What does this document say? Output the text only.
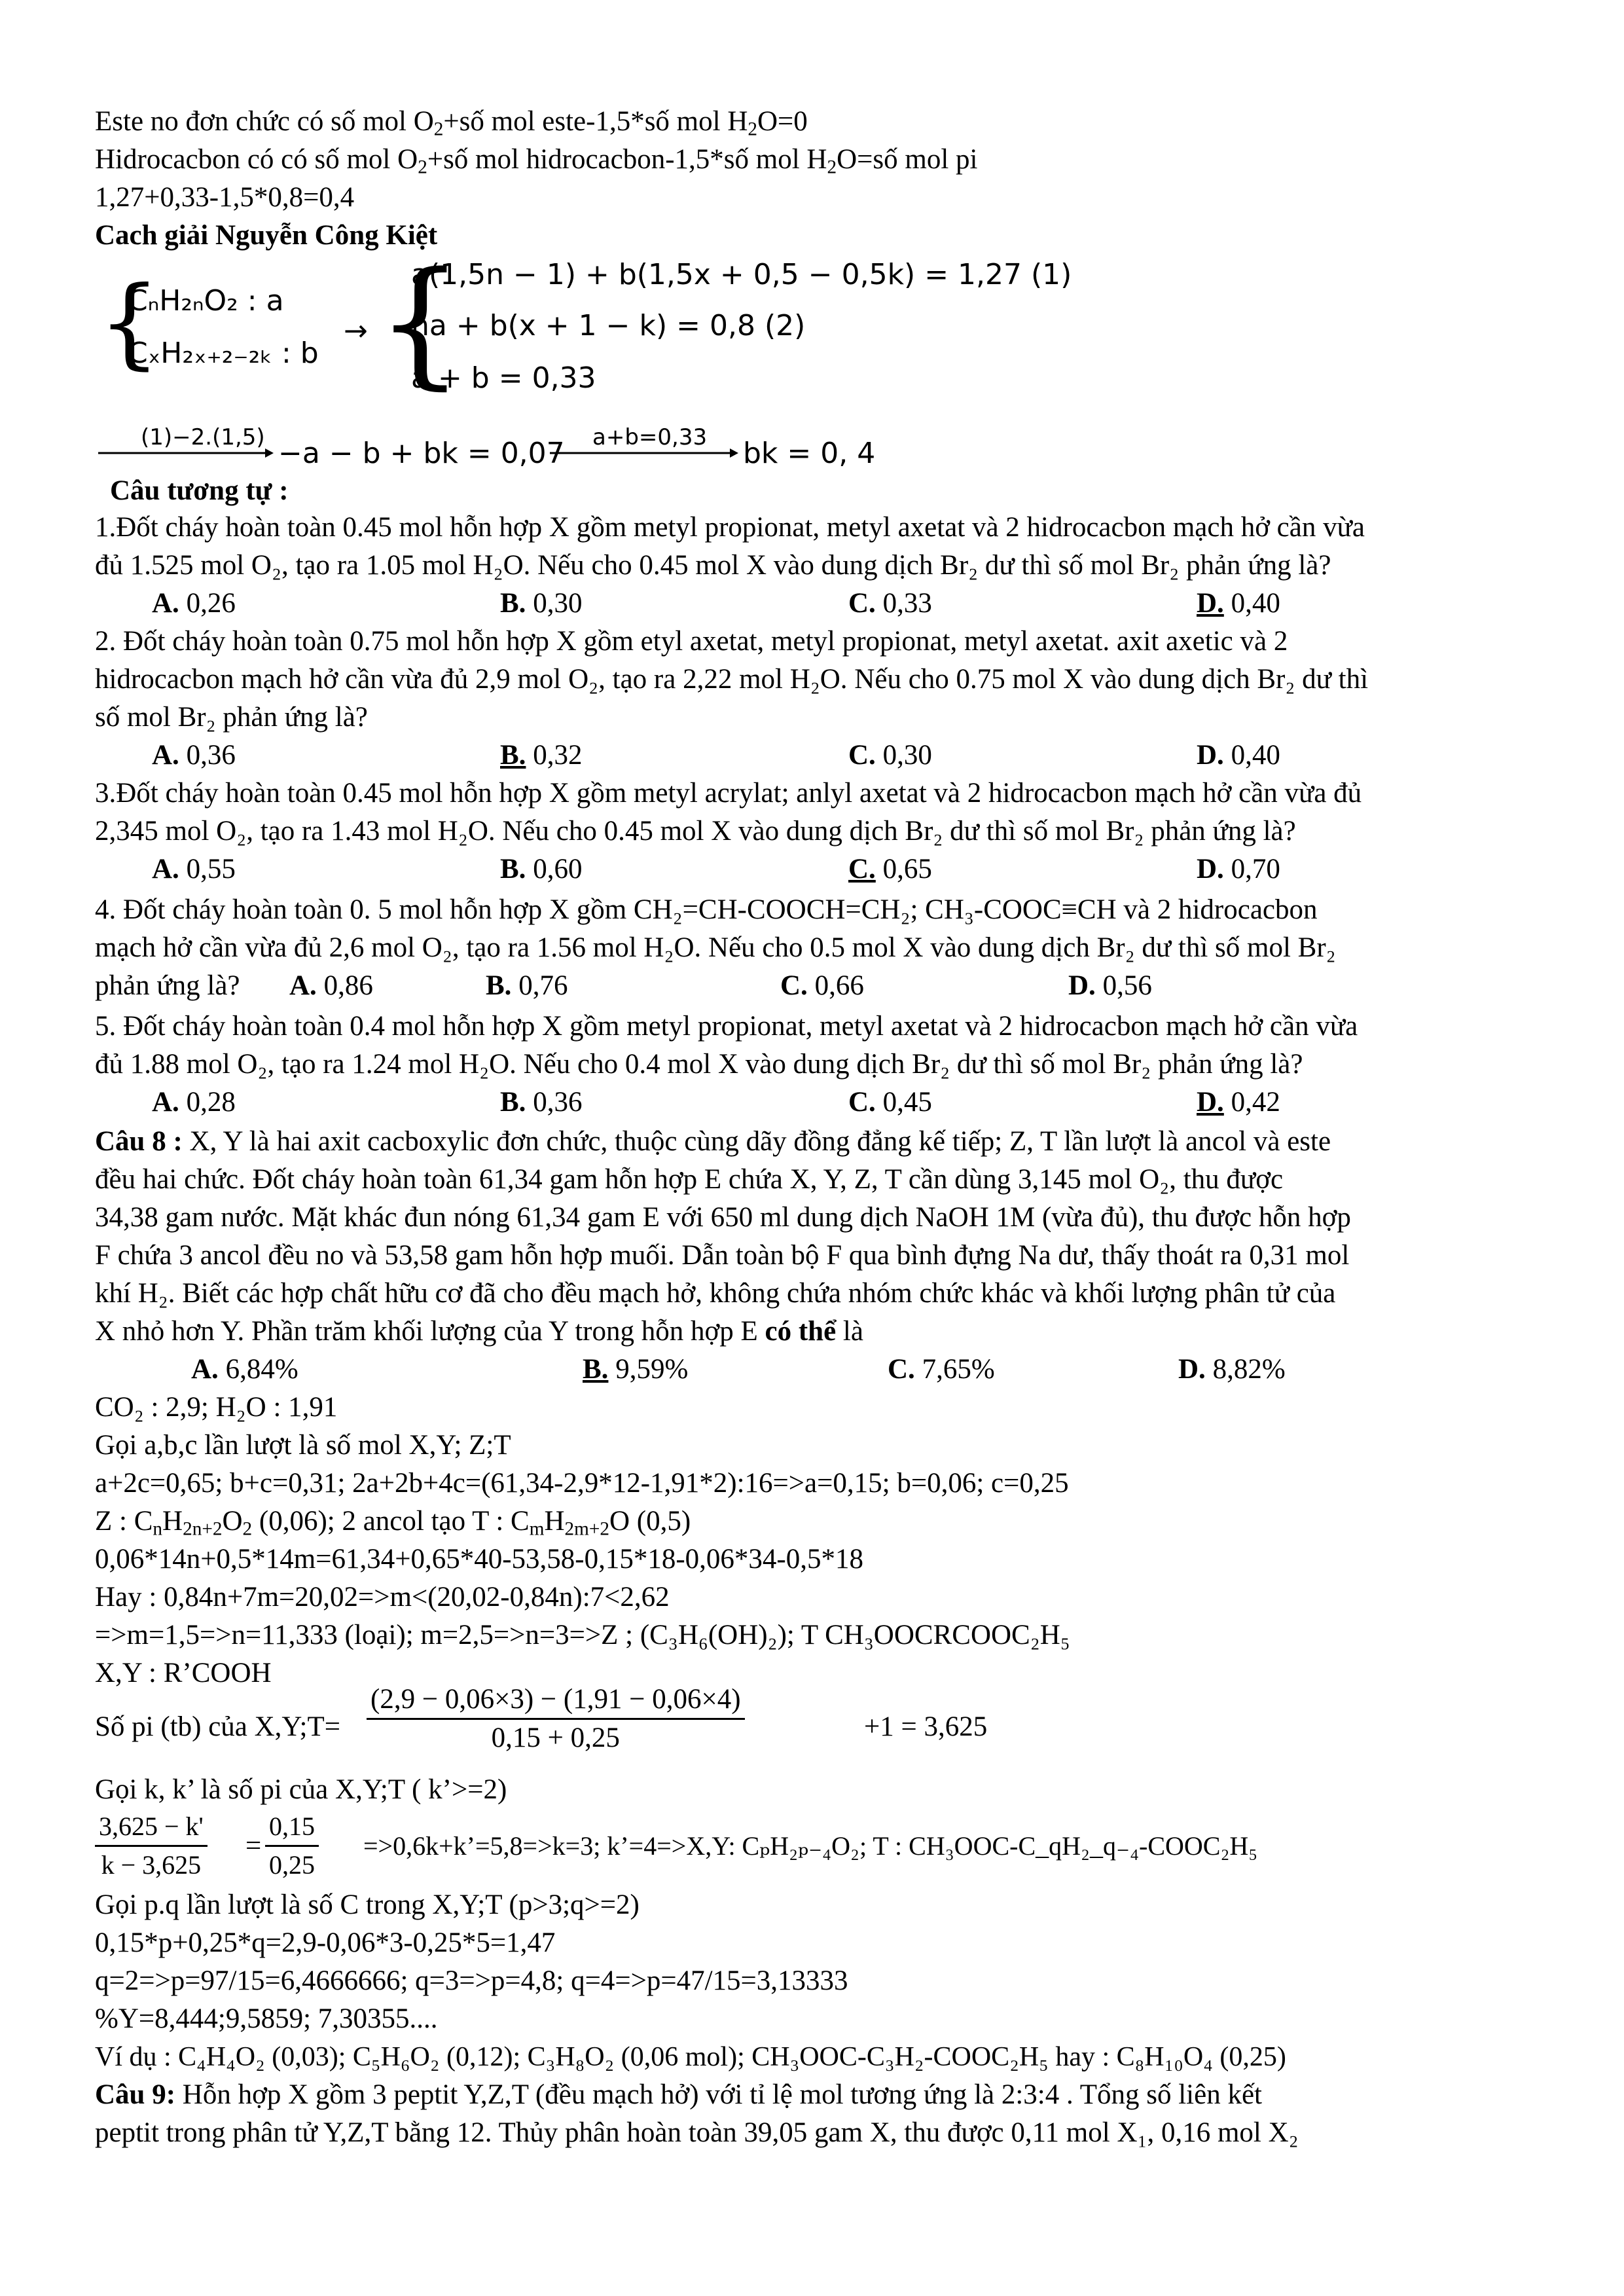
Este no đơn chức có số mol $O_2+số$ mol este-1,5*số mol $H_2O=0$
Hidrocacbon có có số mol $O_2+số$ mol hidrocacbon-1,5*số mol $H_2O=số$ mol pi
1,27+0,33-1,5*0,8=0,4
Cach giải Nguyễn Công Kiệt
{
CₙH₂ₙO₂ : a
CₓH₂ₓ₊₂₋₂ₖ : b
→ {
a(1,5n − 1) + b(1,5x + 0,5 − 0,5k) = 1,27 (1)
na + b(x + 1 − k) = 0,8 (2)
a + b = 0,33
(1)−2.(1,5) −a − b + bk = 0,07 a+b=0,33 bk = 0, 4
Câu tương tự :
1.Đốt cháy hoàn toàn 0.45 mol hỗn hợp X gồm metyl propionat, metyl axetat và 2 hidrocacbon mạch hở cần vừa
đủ 1.525 mol O₂, tạo ra 1.05 mol H₂O. Nếu cho 0.45 mol X vào dung dịch Br₂ dư thì số mol Br₂ phản ứng là?
A. 0,26	B. 0,30	C. 0,33	D. 0,40
2. Đốt cháy hoàn toàn 0.75 mol hỗn hợp X gồm etyl axetat, metyl propionat, metyl axetat. axit axetic và 2
hidrocacbon mạch hở cần vừa đủ 2,9 mol O₂, tạo ra 2,22 mol H₂O. Nếu cho 0.75 mol X vào dung dịch Br₂ dư thì
số mol Br₂ phản ứng là?
A. 0,36	B. 0,32	C. 0,30	D. 0,40
3.Đốt cháy hoàn toàn 0.45 mol hỗn hợp X gồm metyl acrylat; anlyl axetat và 2 hidrocacbon mạch hở cần vừa đủ
2,345 mol O₂, tạo ra 1.43 mol H₂O. Nếu cho 0.45 mol X vào dung dịch Br₂ dư thì số mol Br₂ phản ứng là?
A. 0,55	B. 0,60	C. 0,65	D. 0,70
4. Đốt cháy hoàn toàn 0. 5 mol hỗn hợp X gồm CH₂=CH-COOCH=CH₂; CH₃-COOC≡CH và 2 hidrocacbon
mạch hở cần vừa đủ 2,6 mol O₂, tạo ra 1.56 mol H₂O. Nếu cho 0.5 mol X vào dung dịch Br₂ dư thì số mol Br₂
phản ứng là? A. 0,86	B. 0,76	C. 0,66	D. 0,56
5. Đốt cháy hoàn toàn 0.4 mol hỗn hợp X gồm metyl propionat, metyl axetat và 2 hidrocacbon mạch hở cần vừa
đủ 1.88 mol O₂, tạo ra 1.24 mol H₂O. Nếu cho 0.4 mol X vào dung dịch Br₂ dư thì số mol Br₂ phản ứng là?
A. 0,28	B. 0,36	C. 0,45	D. 0,42
Câu 8 : X, Y là hai axit cacboxylic đơn chức, thuộc cùng dãy đồng đẳng kế tiếp; Z, T lần lượt là ancol và este
đều hai chức. Đốt cháy hoàn toàn 61,34 gam hỗn hợp E chứa X, Y, Z, T cần dùng 3,145 mol O₂, thu được
34,38 gam nước. Mặt khác đun nóng 61,34 gam E với 650 ml dung dịch NaOH 1M (vừa đủ), thu được hỗn hợp
F chứa 3 ancol đều no và 53,58 gam hỗn hợp muối. Dẫn toàn bộ F qua bình đựng Na dư, thấy thoát ra 0,31 mol
khí H₂. Biết các hợp chất hữu cơ đã cho đều mạch hở, không chứa nhóm chức khác và khối lượng phân tử của
X nhỏ hơn Y. Phần trăm khối lượng của Y trong hỗn hợp E có thể là
A. 6,84%	B. 9,59%	C. 7,65%	D. 8,82%
CO₂ : 2,9; H₂O : 1,91
Gọi a,b,c lần lượt là số mol X,Y; Z;T
a+2c=0,65; b+c=0,31; 2a+2b+4c=(61,34-2,9*12-1,91*2):16=>a=0,15; b=0,06; c=0,25
Z : $C_nH_{2n+2}O_2$ (0,06); 2 ancol tạo T : $C_mH_{2m+2}O$ (0,5)
0,06*14n+0,5*14m=61,34+0,65*40-53,58-0,15*18-0,06*34-0,5*18
Hay : 0,84n+7m=20,02=>m<(20,02-0,84n):7<2,62
=>m=1,5=>n=11,333 (loại); m=2,5=>n=3=>Z ; (C₃H₆(OH)₂); T CH₃OOCRCOOC₂H₅
X,Y : R’COOH
Số pi (tb) của X,Y;T= $\frac{(2,9 - 0,06\times 3) - (1,91 - 0,06\times 4)}{0,15 + 0,25}$	+1 = 3,625
Gọi k, k’ là số pi của X,Y;T ( k’>=2)
$\frac{3,625 - k'}{k - 3,625} = \frac{0,15}{0,25}$ =>0,6k+k’=5,8=>k=3; k’=4=>X,Y: CₚH₂ₚ₋₄O₂; T : CH₃OOC-C_qH₂_q₋₄-COOC₂H₅
Gọi p.q lần lượt là số C trong X,Y;T (p>3;q>=2)
0,15*p+0,25*q=2,9-0,06*3-0,25*5=1,47
q=2=>p=97/15=6,4666666; q=3=>p=4,8; q=4=>p=47/15=3,13333
%Y=8,444;9,5859; 7,30355....
Ví dụ : C₄H₄O₂ (0,03); C₅H₆O₂ (0,12); C₃H₈O₂ (0,06 mol); CH₃OOC-C₃H₂-COOC₂H₅ hay : C₈H₁₀O₄ (0,25)
Câu 9: Hỗn hợp X gồm 3 peptit Y,Z,T (đều mạch hở) với tỉ lệ mol tương ứng là 2:3:4 . Tổng số liên kết
peptit trong phân tử Y,Z,T bằng 12. Thủy phân hoàn toàn 39,05 gam X, thu được 0,11 mol X₁, 0,16 mol X₂
